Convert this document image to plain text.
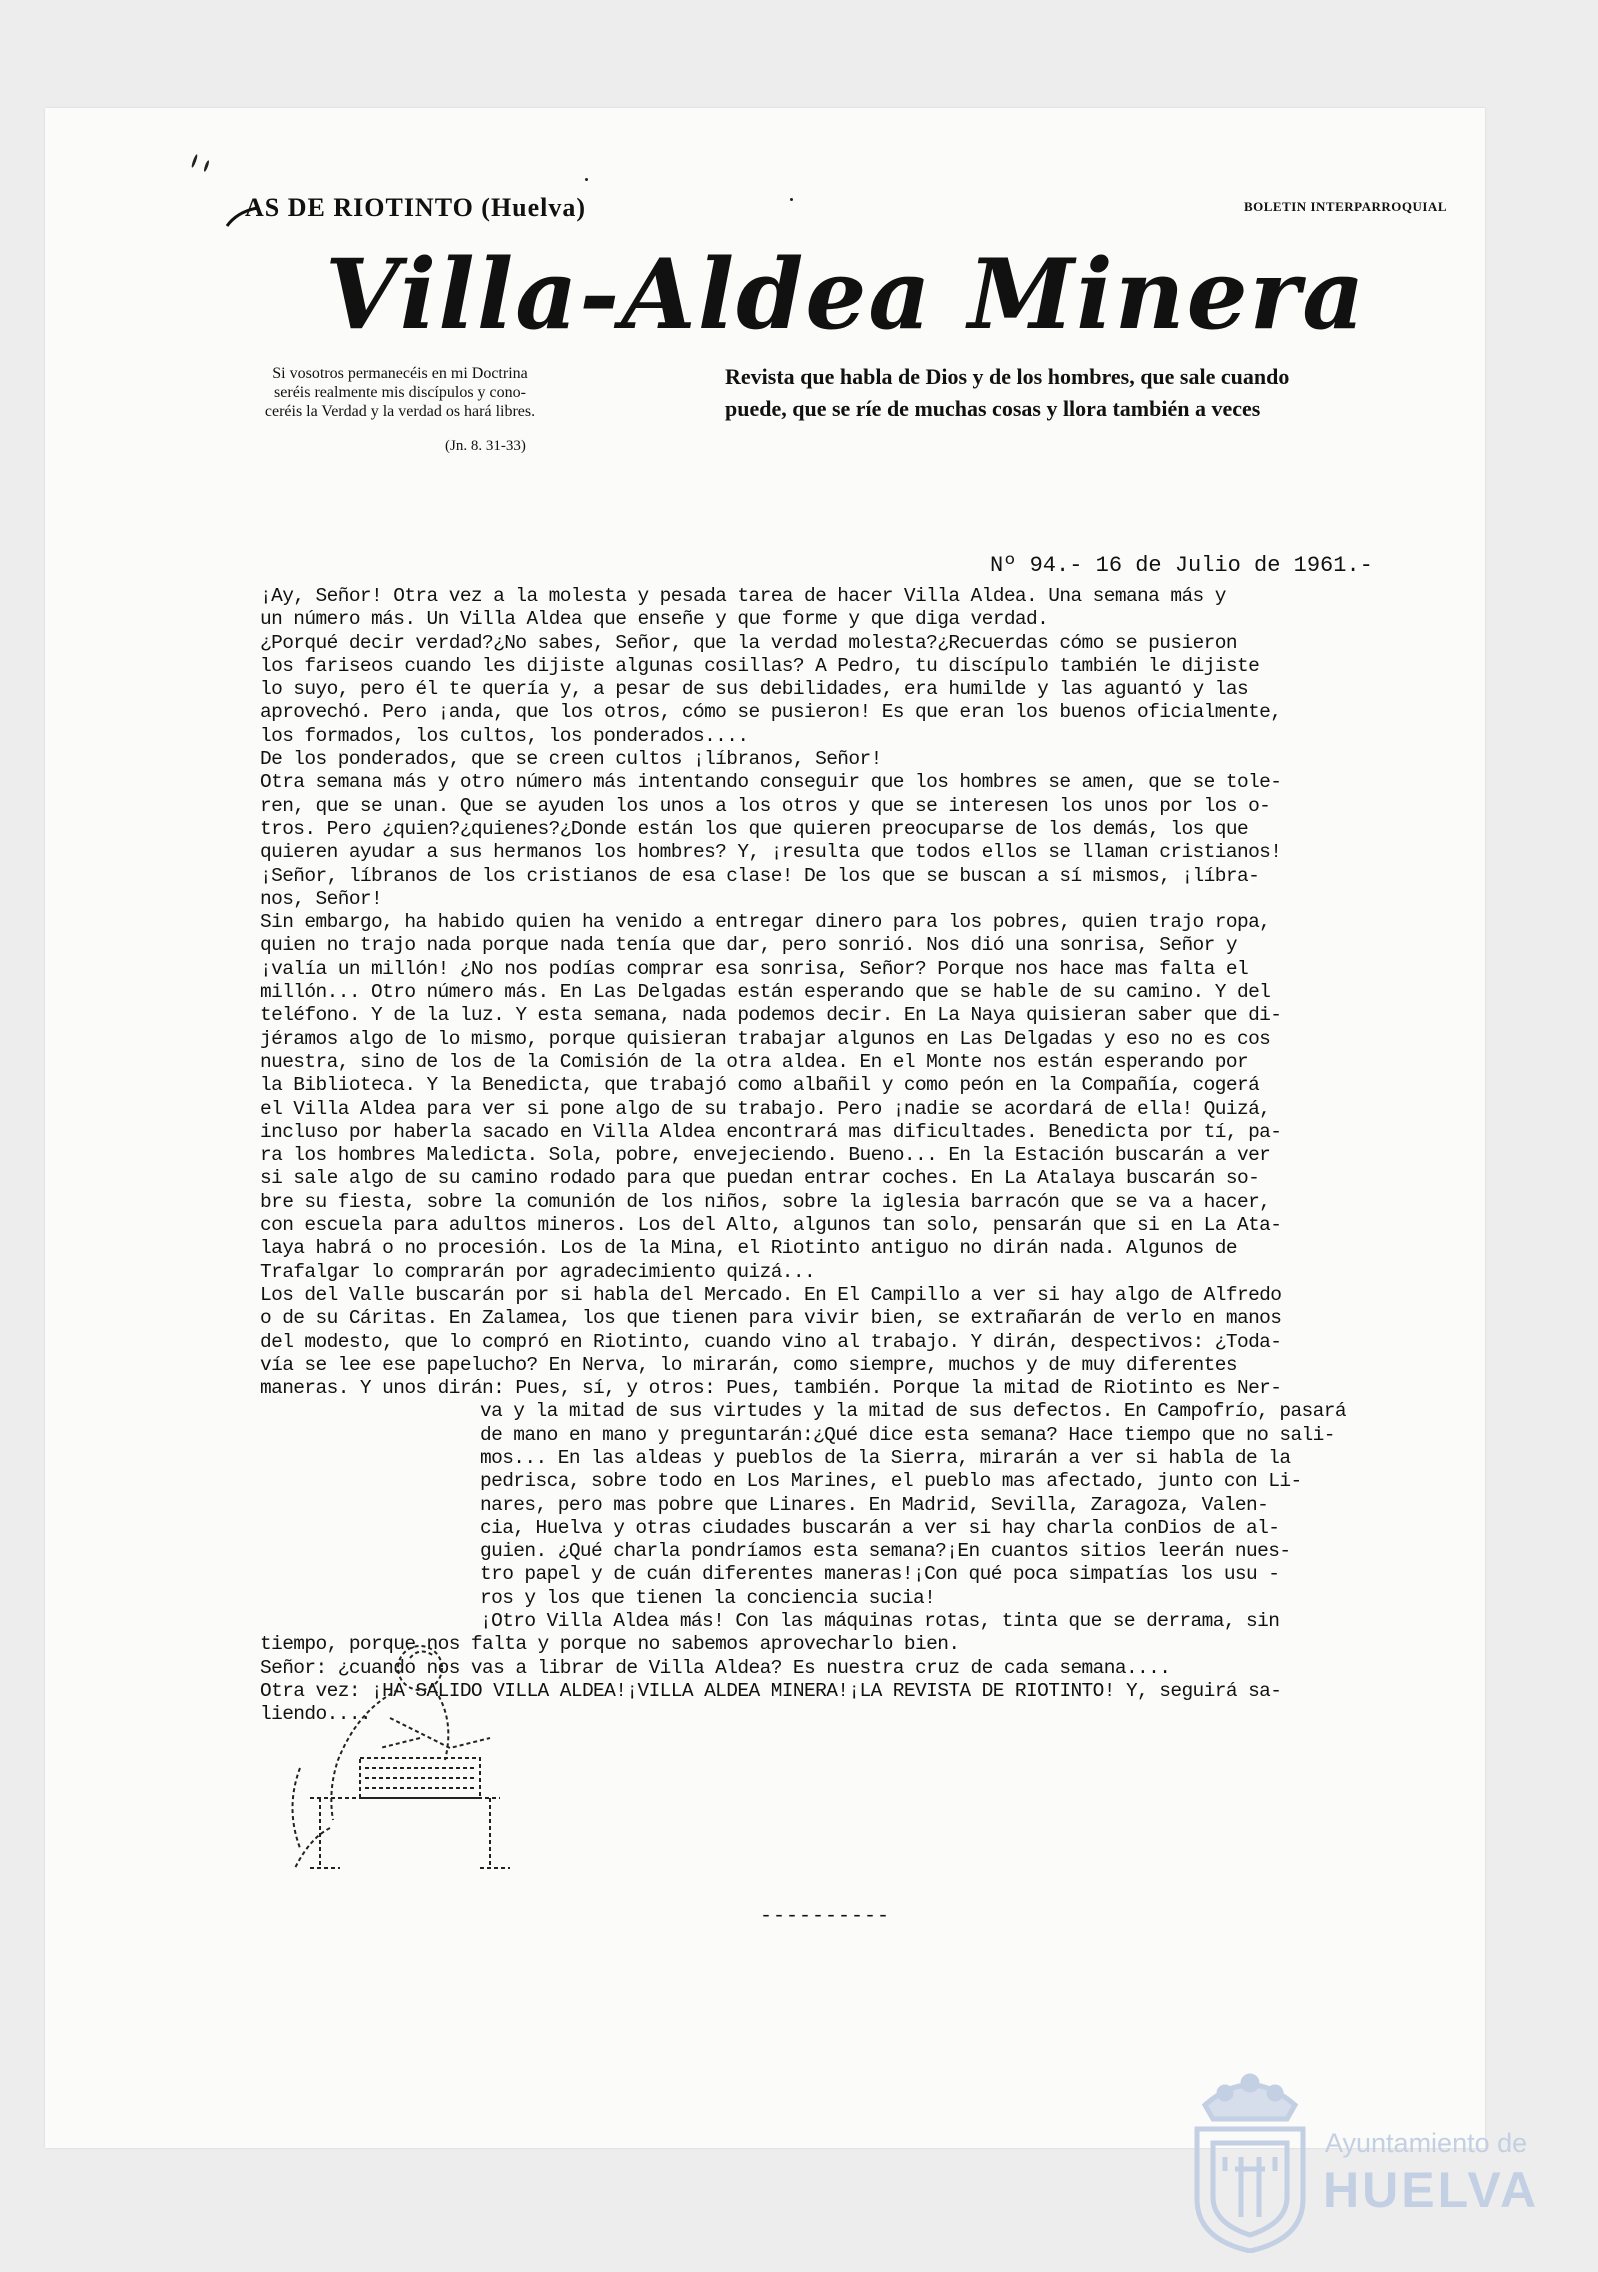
AS DE RIOTINTO (Huelva)	BOLETIN INTERPARROQUIAL
Villa-Aldea Minera
Si vosotros permanecéis en mi Doctrina
seréis realmente mis discípulos y cono-
ceréis la Verdad y la verdad os hará libres.
(Jn. 8. 31-33)
Revista que habla de Dios y de los hombres, que sale cuando
puede, que se ríe de muchas cosas y llora también a veces
Nº 94.- 16 de Julio de 1961.-

¡Ay, Señor! Otra vez a la molesta y pesada tarea de hacer Villa Aldea. Una semana más y

un número más. Un Villa Aldea que enseñe y que forme y que diga verdad.

¿Porqué decir verdad?¿No sabes, Señor, que la verdad molesta?¿Recuerdas cómo se pusieron

los fariseos cuando les dijiste algunas cosillas? A Pedro, tu discípulo también le dijiste

lo suyo, pero él te quería y, a pesar de sus debilidades, era humilde y las aguantó y las

aprovechó. Pero ¡anda, que los otros, cómo se pusieron! Es que eran los buenos oficialmente,

los formados, los cultos, los ponderados....

De los ponderados, que se creen cultos ¡líbranos, Señor!

Otra semana más y otro número más intentando conseguir que los hombres se amen, que se tole-

ren, que se unan. Que se ayuden los unos a los otros y que se interesen los unos por los o-

tros. Pero ¿quien?¿quienes?¿Donde están los que quieren preocuparse de los demás, los que

quieren ayudar a sus hermanos los hombres? Y, ¡resulta que todos ellos se llaman cristianos!

¡Señor, líbranos de los cristianos de esa clase! De los que se buscan a sí mismos, ¡líbra-

nos, Señor!

Sin embargo, ha habido quien ha venido a entregar dinero para los pobres, quien trajo ropa,

quien no trajo nada porque nada tenía que dar, pero sonrió. Nos dió una sonrisa, Señor y

¡valía un millón! ¿No nos podías comprar esa sonrisa, Señor? Porque nos hace mas falta el

millón... Otro número más. En Las Delgadas están esperando que se hable de su camino. Y del

teléfono. Y de la luz. Y esta semana, nada podemos decir. En La Naya quisieran saber que di-

jéramos algo de lo mismo, porque quisieran trabajar algunos en Las Delgadas y eso no es cos

nuestra, sino de los de la Comisión de la otra aldea. En el Monte nos están esperando por

la Biblioteca. Y la Benedicta, que trabajó como albañil y como peón en la Compañía, cogerá

el Villa Aldea para ver si pone algo de su trabajo. Pero ¡nadie se acordará de ella! Quizá,

incluso por haberla sacado en Villa Aldea encontrará mas dificultades. Benedicta por tí, pa-

ra los hombres Maledicta. Sola, pobre, envejeciendo. Bueno... En la Estación buscarán a ver

si sale algo de su camino rodado para que puedan entrar coches. En La Atalaya buscarán so-

bre su fiesta, sobre la comunión de los niños, sobre la iglesia barracón que se va a hacer,

con escuela para adultos mineros. Los del Alto, algunos tan solo, pensarán que si en La Ata-

laya habrá o no procesión. Los de la Mina, el Riotinto antiguo no dirán nada. Algunos de

Trafalgar lo comprarán por agradecimiento quizá...

Los del Valle buscarán por si habla del Mercado. En El Campillo a ver si hay algo de Alfredo

o de su Cáritas. En Zalamea, los que tienen para vivir bien, se extrañarán de verlo en manos

del modesto, que lo compró en Riotinto, cuando vino al trabajo. Y dirán, despectivos: ¿Toda-

vía se lee ese papelucho? En Nerva, lo mirarán, como siempre, muchos y de muy diferentes

maneras. Y unos dirán: Pues, sí, y otros: Pues, también. Porque la mitad de Riotinto es Ner-

va y la mitad de sus virtudes y la mitad de sus defectos. En Campofrío, pasará

de mano en mano y preguntarán:¿Qué dice esta semana? Hace tiempo que no sali-

mos... En las aldeas y pueblos de la Sierra, mirarán a ver si habla de la

pedrisca, sobre todo en Los Marines, el pueblo mas afectado, junto con Li-

nares, pero mas pobre que Linares. En Madrid, Sevilla, Zaragoza, Valen-

cia, Huelva y otras ciudades buscarán a ver si hay charla conDios de al-

guien. ¿Qué charla pondríamos esta semana?¡En cuantos sitios leerán nues-

tro papel y de cuán diferentes maneras!¡Con qué poca simpatías los usu -

ros y los que tienen la conciencia sucia!

¡Otro Villa Aldea más! Con las máquinas rotas, tinta que se derrama, sin

tiempo, porque nos falta y porque no sabemos aprovecharlo bien.

Señor: ¿cuando nos vas a librar de Villa Aldea? Es nuestra cruz de cada semana....

Otra vez: ¡HA SALIDO VILLA ALDEA!¡VILLA ALDEA MINERA!¡LA REVISTA DE RIOTINTO! Y, seguirá sa-

liendo....

----------
Ayuntamiento de
HUELVA
